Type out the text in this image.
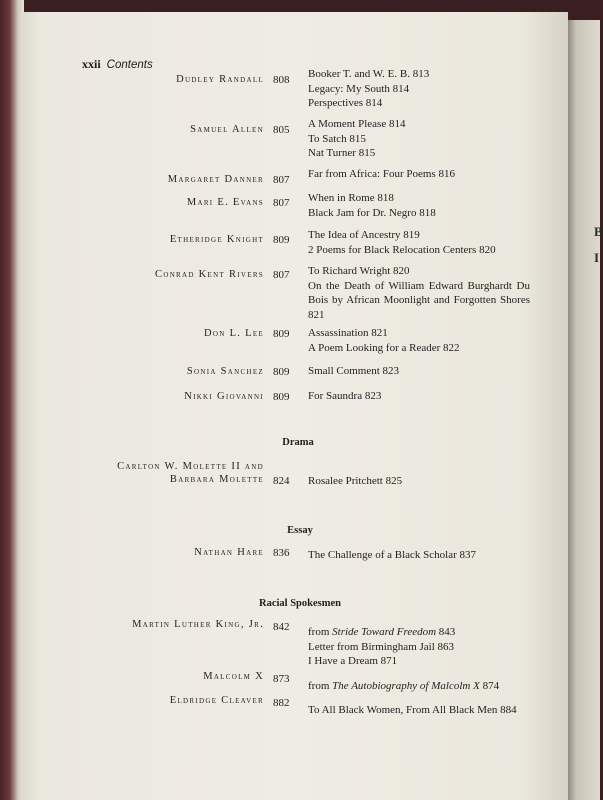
B
I
xxii Contents
Dudley Randall 808 Booker T. and W. E. B. 813
Legacy: My South 814
Perspectives 814
Samuel Allen 805 A Moment Please 814
To Satch 815
Nat Turner 815
Margaret Danner 807 Far from Africa: Four Poems 816
Mari E. Evans 807 When in Rome 818
Black Jam for Dr. Negro 818
Etheridge Knight 809 The Idea of Ancestry 819
2 Poems for Black Relocation Centers 820
Conrad Kent Rivers 807 To Richard Wright 820
On the Death of William Edward Burghardt Du Bois by African Moonlight and Forgotten Shores 821
Don L. Lee 809 Assassination 821
A Poem Looking for a Reader 822
Sonia Sanchez 809 Small Comment 823
Nikki Giovanni 809 For Saundra 823
Drama
Carlton W. Molette II and
Barbara Molette 824 Rosalee Pritchett 825
Essay
Nathan Hare 836 The Challenge of a Black Scholar 837
Racial Spokesmen
Martin Luther King, Jr. 842 from Stride Toward Freedom 843
Letter from Birmingham Jail 863
I Have a Dream 871
Malcolm X 873
from The Autobiography of Malcolm X 874
Eldridge Cleaver 882
To All Black Women, From All Black Men 884
